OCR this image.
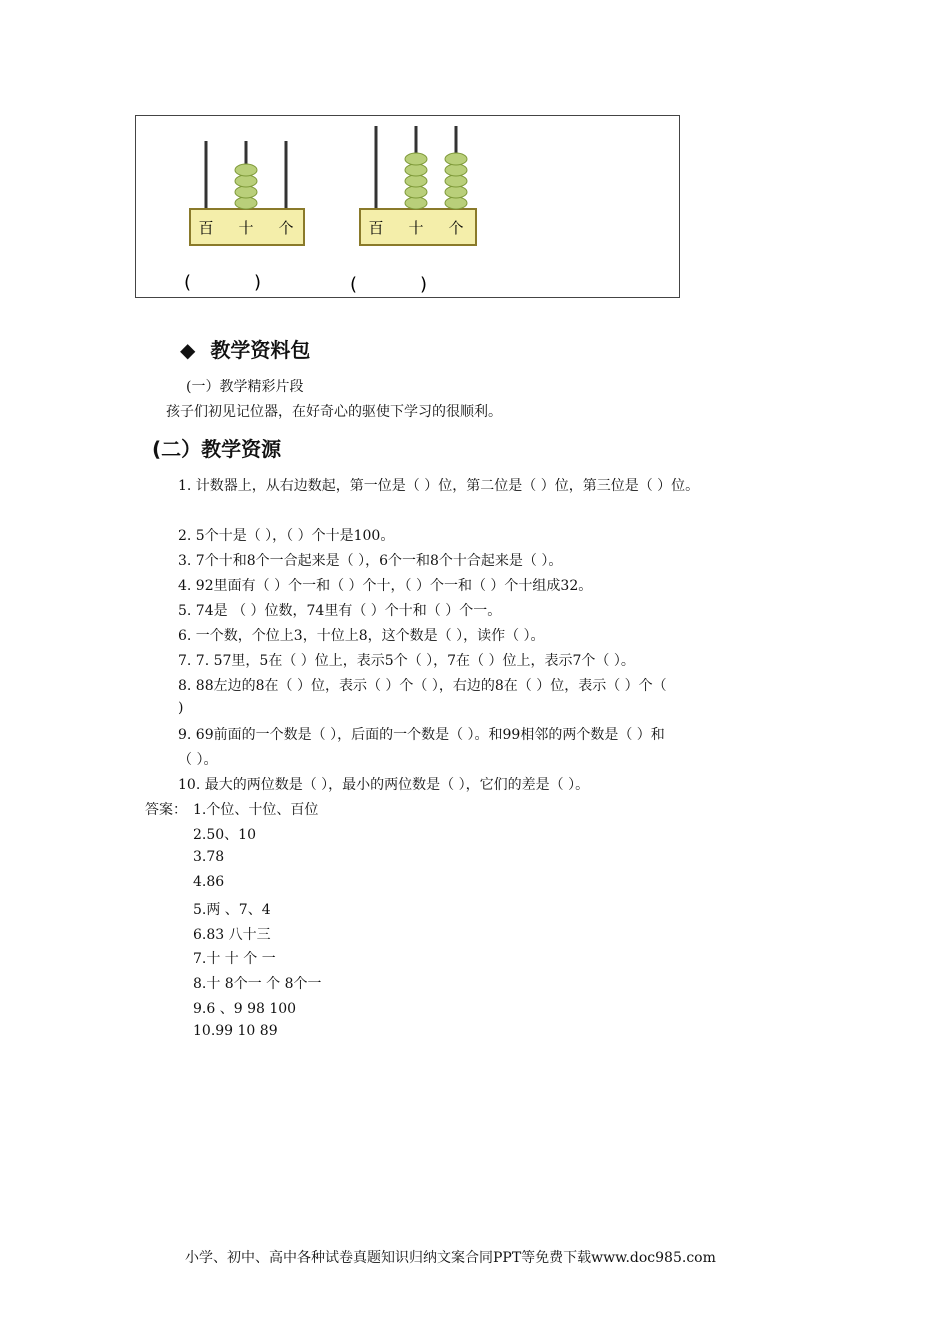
百 十 个	百 十 个
(           )	(           )
◆ 教学资料包
(一）教学精彩片段
孩子们初见记位器，在好奇心的驱使下学习的很顺利。
(二）教学资源
1. 计数器上，从右边数起，第一位是（ ）位，第二位是（ ）位，第三位是（ ）位。
2. 5个十是（ ），（ ）个十是100。
3. 7个十和8个一合起来是（ ），6个一和8个十合起来是（ ）。
4. 92里面有（ ）个一和（ ）个十，（ ）个一和（ ）个十组成32。
5. 74是 （ ）位数，74里有（ ）个十和（ ）个一。
6. 一个数，个位上3，十位上8，这个数是（ ），读作（ ）。
7. 7. 57里，5在（ ）位上，表示5个（ ），7在（ ）位上，表示7个（ ）。
8. 88左边的8在（ ）位，表示（ ）个（ ），右边的8在（ ）位，表示（ ）个（
)
9. 69前面的一个数是（ ），后面的一个数是（ ）。和99相邻的两个数是（ ）和
（ ）。
10. 最大的两位数是（ ），最小的两位数是（ ），它们的差是（ ）。
答案： 1.个位、十位、百位
2.50、10
3.78
4.86
5.两 、7、4
6.83 八十三
7.十 十 个 一
8.十 8个一 个 8个一
9.6 、9 98 100
10.99 10 89
小学、初中、高中各种试卷真题知识归纳文案合同PPT等免费下载www.doc985.com
